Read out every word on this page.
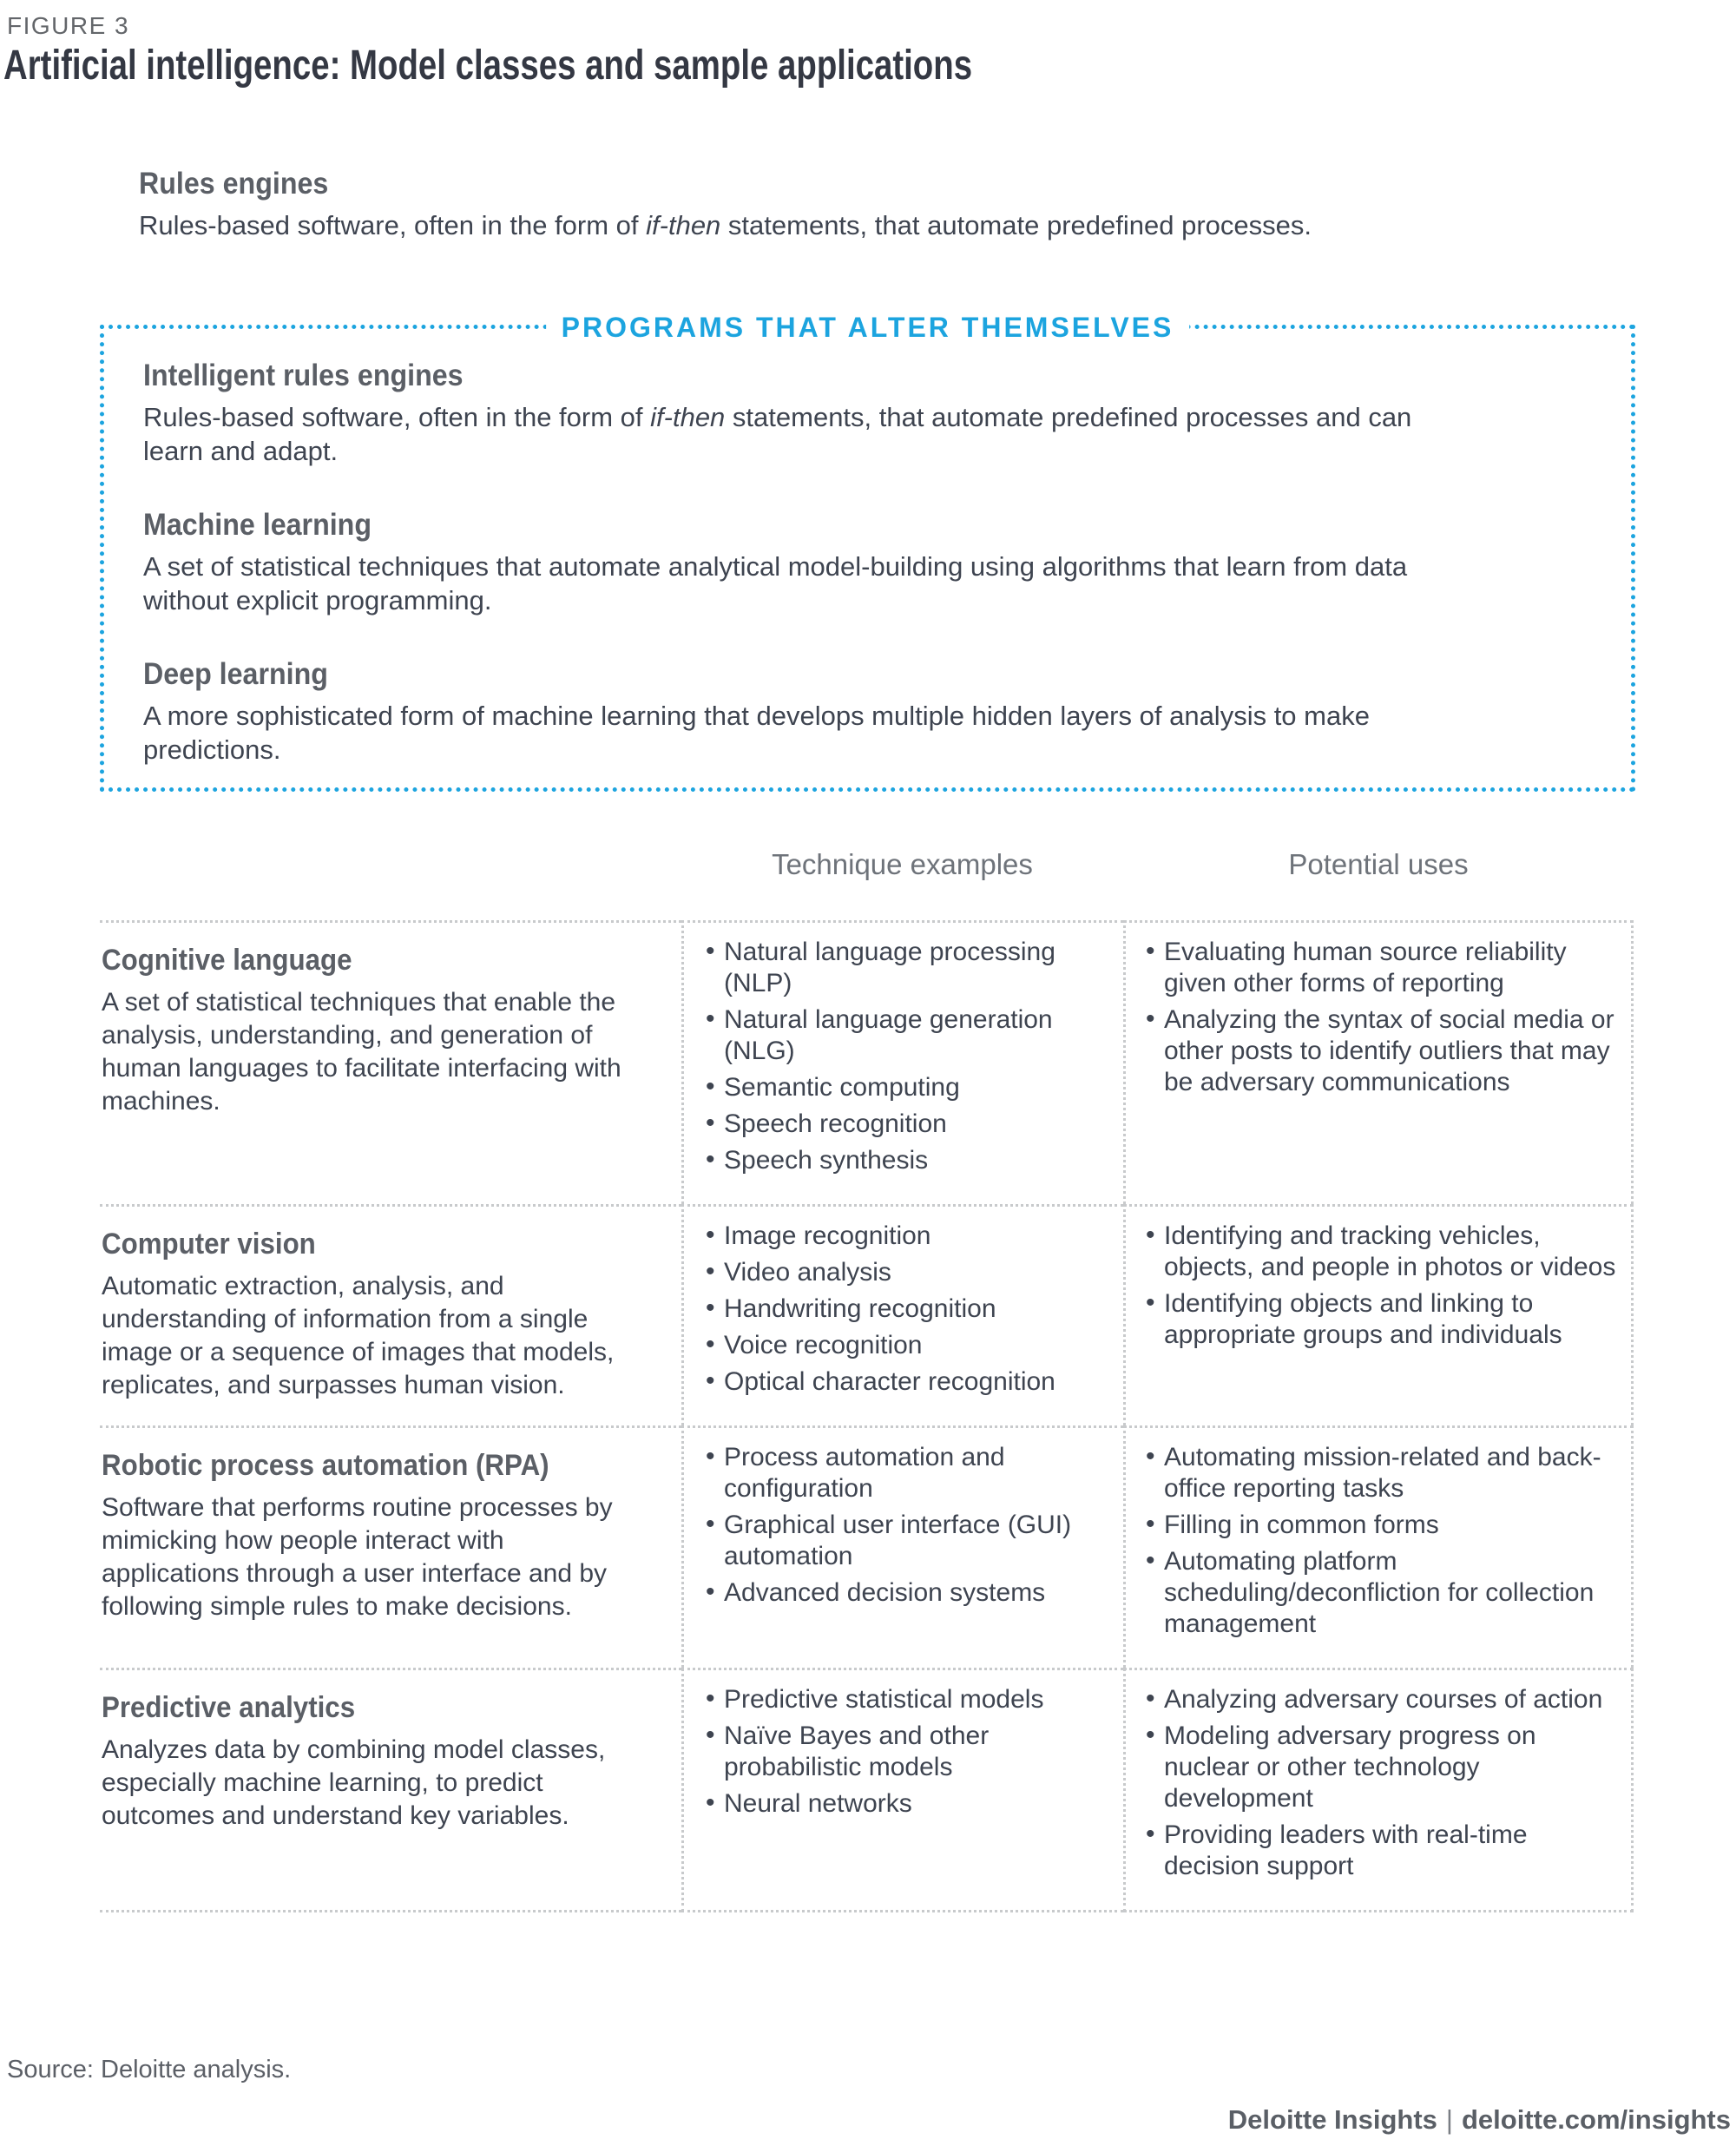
FIGURE 3
Artificial intelligence: Model classes and sample applications
Rules engines

Rules-based software, often in the form of if-then statements, that automate predefined processes.

PROGRAMS THAT ALTER THEMSELVES
Intelligent rules engines

Rules-based software, often in the form of if-then statements, that automate predefined processes and can learn and adapt.

Machine learning

A set of statistical techniques that automate analytical model-building using algorithms that learn from data without explicit programming.

Deep learning

A more sophisticated form of machine learning that develops multiple hidden layers of analysis to make predictions.

Technique examples	Potential uses
Cognitive language

A set of statistical techniques that enable the analysis, understanding, and generation of human languages to facilitate interfacing with machines.

• Natural language processing (NLP)
• Natural language generation (NLG)
• Semantic computing
• Speech recognition
• Speech synthesis
• Evaluating human source reliability given other forms of reporting
• Analyzing the syntax of social media or other posts to identify outliers that may be adversary communications
Computer vision

Automatic extraction, analysis, and understanding of information from a single image or a sequence of images that models, replicates, and surpasses human vision.

• Image recognition
• Video analysis
• Handwriting recognition
• Voice recognition
• Optical character recognition
• Identifying and tracking vehicles, objects, and people in photos or videos
• Identifying objects and linking to appropriate groups and individuals
Robotic process automation (RPA)

Software that performs routine processes by mimicking how people interact with applications through a user interface and by following simple rules to make decisions.

• Process automation and configuration
• Graphical user interface (GUI) automation
• Advanced decision systems
• Automating mission-related and back-office reporting tasks
• Filling in common forms
• Automating platform scheduling/deconfliction for collection management
Predictive analytics

Analyzes data by combining model classes, especially machine learning, to predict outcomes and understand key variables.

• Predictive statistical models
• Naïve Bayes and other probabilistic models
• Neural networks
• Analyzing adversary courses of action
• Modeling adversary progress on nuclear or other technology development
• Providing leaders with real-time decision support
Source: Deloitte analysis.
Deloitte Insights | deloitte.com/insights
